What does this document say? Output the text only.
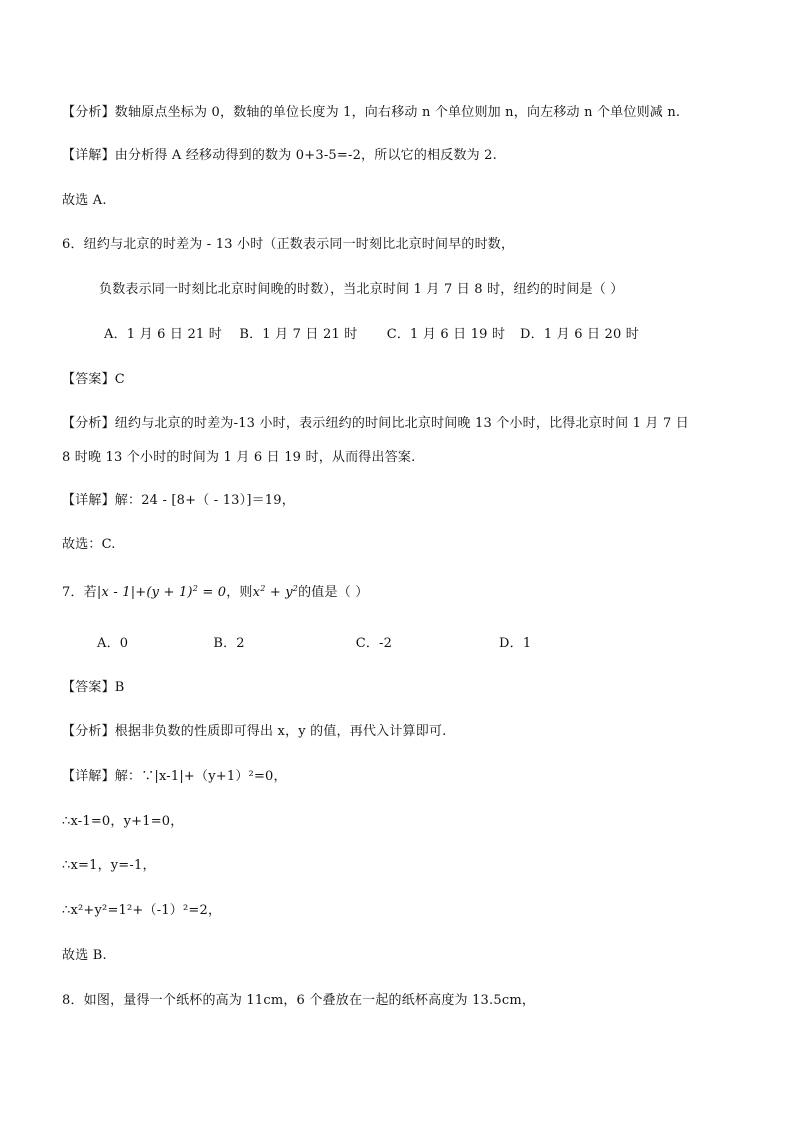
【分析】数轴原点坐标为 0，数轴的单位长度为 1，向右移动 n 个单位则加 n，向左移动 n 个单位则减 n.
【详解】由分析得 A 经移动得到的数为 0+3-5=-2，所以它的相反数为 2.
故选 A.
6．纽约与北京的时差为 - 13 小时（正数表示同一时刻比北京时间早的时数，
负数表示同一时刻比北京时间晚的时数），当北京时间 1 月 7 日 8 时，纽约的时间是（ ）
A．1 月 6 日 21 时 B．1 月 7 日 21 时 C．1 月 6 日 19 时 D．1 月 6 日 20 时
【答案】C
【分析】纽约与北京的时差为-13 小时，表示纽约的时间比北京时间晚 13 个小时，比得北京时间 1 月 7 日
8 时晚 13 个小时的时间为 1 月 6 日 19 时，从而得出答案.
【详解】解：24 - [8+（ - 13）]＝19，
故选：C.
7．若$|x - 1|+(y + 1)^2 = 0$，则$x^2 + y^2$的值是（ ）
A．0	B．2	C．-2	D．1
【答案】B
【分析】根据非负数的性质即可得出 x，y 的值，再代入计算即可.
【详解】解：∵|x-1|+（y+1）²=0，
∴x-1=0，y+1=0，
∴x=1，y=-1，
∴x²+y²=1²+（-1）²=2，
故选 B.
8．如图，量得一个纸杯的高为 11cm，6 个叠放在一起的纸杯高度为 13.5cm，
